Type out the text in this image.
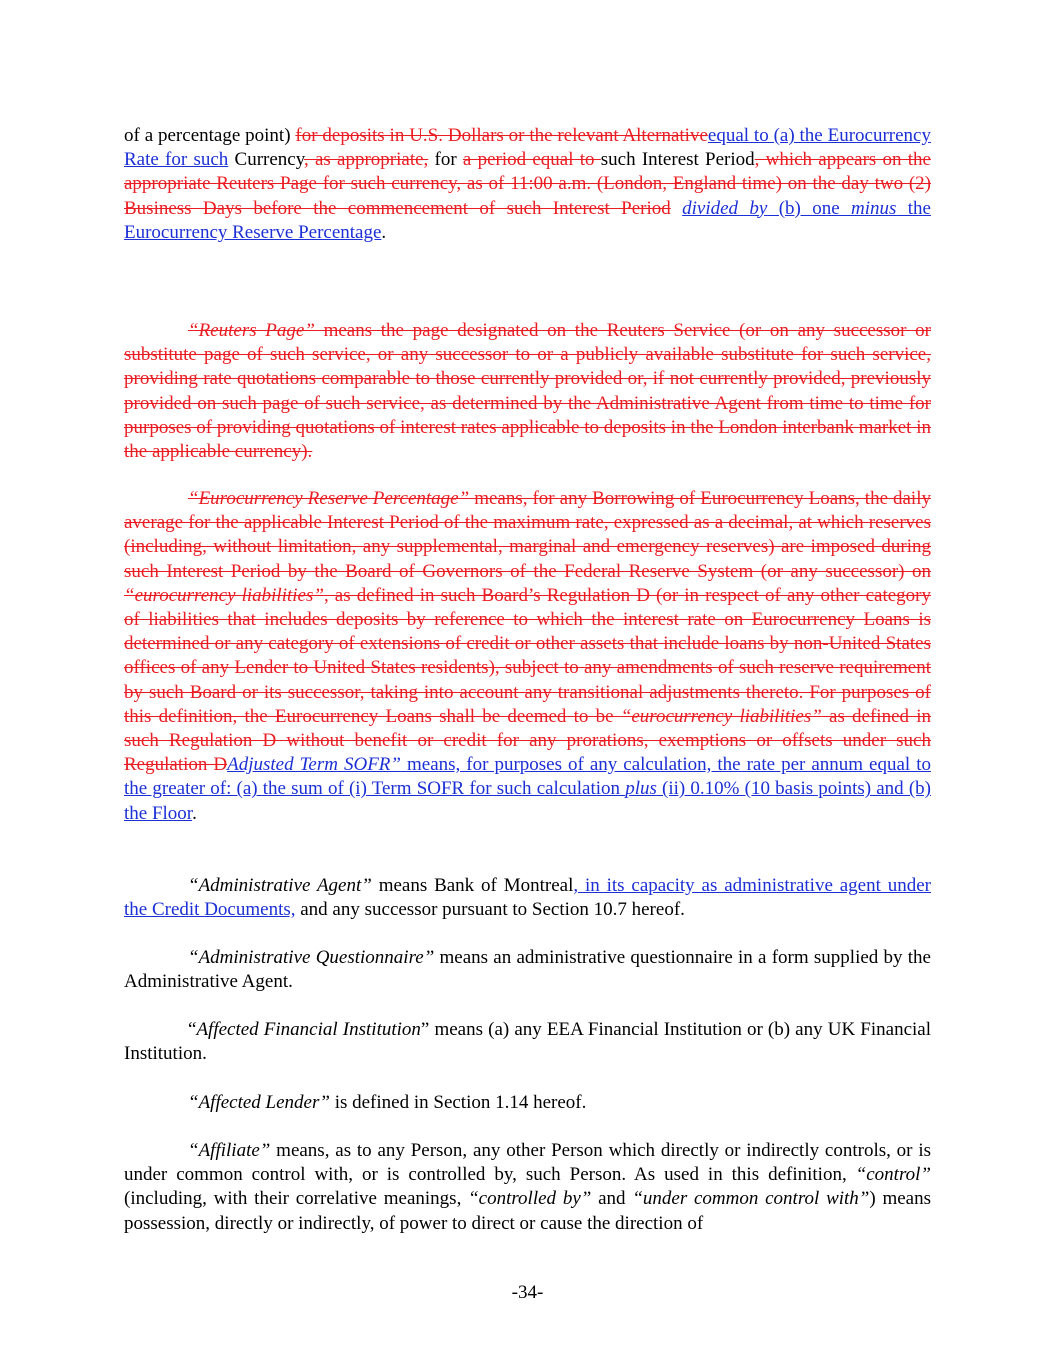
of a percentage point) for deposits in U.S. Dollars or the relevant Alternativeequal to (a) the Eurocurrency Rate for such Currency, as appropriate, for a period equal to such Interest Period, which appears on the appropriate Reuters Page for such currency, as of 11:00 a.m. (London, England time) on the day two (2) Business Days before the commencement of such Interest Period divided by (b) one minus the Eurocurrency Reserve Percentage.

“Reuters Page” means the page designated on the Reuters Service (or on any successor or substitute page of such service, or any successor to or a publicly available substitute for such service, providing rate quotations comparable to those currently provided or, if not currently provided, previously provided on such page of such service, as determined by the Administrative Agent from time to time for purposes of providing quotations of interest rates applicable to deposits in the London interbank market in the applicable currency).

“Eurocurrency Reserve Percentage” means, for any Borrowing of Eurocurrency Loans, the daily average for the applicable Interest Period of the maximum rate, expressed as a decimal, at which reserves (including, without limitation, any supplemental, marginal and emergency reserves) are imposed during such Interest Period by the Board of Governors of the Federal Reserve System (or any successor) on “eurocurrency liabilities”, as defined in such Board’s Regulation D (or in respect of any other category of liabilities that includes deposits by reference to which the interest rate on Eurocurrency Loans is determined or any category of extensions of credit or other assets that include loans by non-United States offices of any Lender to United States residents), subject to any amendments of such reserve requirement by such Board or its successor, taking into account any transitional adjustments thereto. For purposes of this definition, the Eurocurrency Loans shall be deemed to be “eurocurrency liabilities” as defined in such Regulation D without benefit or credit for any prorations, exemptions or offsets under such Regulation DAdjusted Term SOFR” means, for purposes of any calculation, the rate per annum equal to the greater of: (a) the sum of (i) Term SOFR for such calculation plus (ii) 0.10% (10 basis points) and (b) the Floor.

“Administrative Agent” means Bank of Montreal, in its capacity as administrative agent under the Credit Documents, and any successor pursuant to Section 10.7 hereof.

“Administrative Questionnaire” means an administrative questionnaire in a form supplied by the Administrative Agent.

“Affected Financial Institution” means (a) any EEA Financial Institution or (b) any UK Financial Institution.

“Affected Lender” is defined in Section 1.14 hereof.

“Affiliate” means, as to any Person, any other Person which directly or indirectly controls, or is under common control with, or is controlled by, such Person. As used in this definition, “control” (including, with their correlative meanings, “controlled by” and “under common control with”) means possession, directly or indirectly, of power to direct or cause the direction of

-34-
